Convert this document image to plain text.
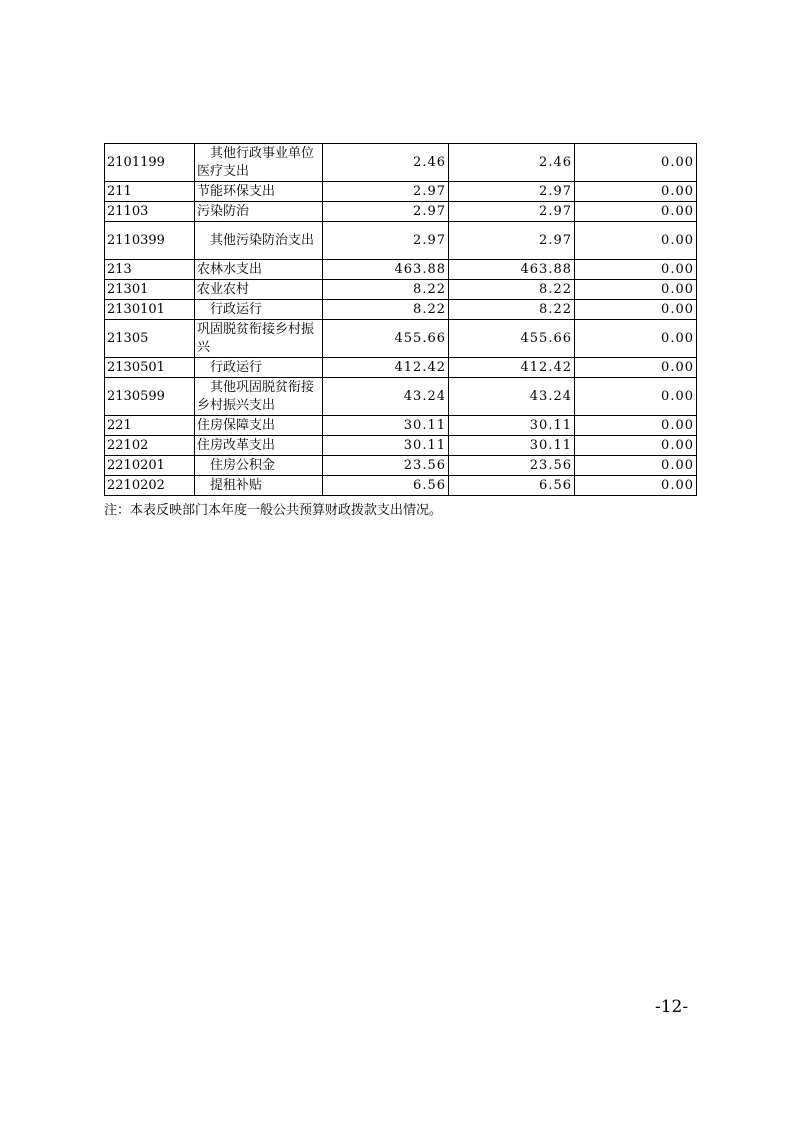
2101199	其他行政事业单位医疗支出	2.46	2.46	0.00
211	节能环保支出	2.97	2.97	0.00
21103	污染防治	2.97	2.97	0.00
2110399	其他污染防治支出	2.97	2.97	0.00
213	农林水支出	463.88	463.88	0.00
21301	农业农村	8.22	8.22	0.00
2130101	行政运行	8.22	8.22	0.00
21305	巩固脱贫衔接乡村振兴	455.66	455.66	0.00
2130501	行政运行	412.42	412.42	0.00
2130599	其他巩固脱贫衔接乡村振兴支出	43.24	43.24	0.00
221	住房保障支出	30.11	30.11	0.00
22102	住房改革支出	30.11	30.11	0.00
2210201	住房公积金	23.56	23.56	0.00
2210202	提租补贴	6.56	6.56	0.00
注：本表反映部门本年度一般公共预算财政拨款支出情况。
-12-
